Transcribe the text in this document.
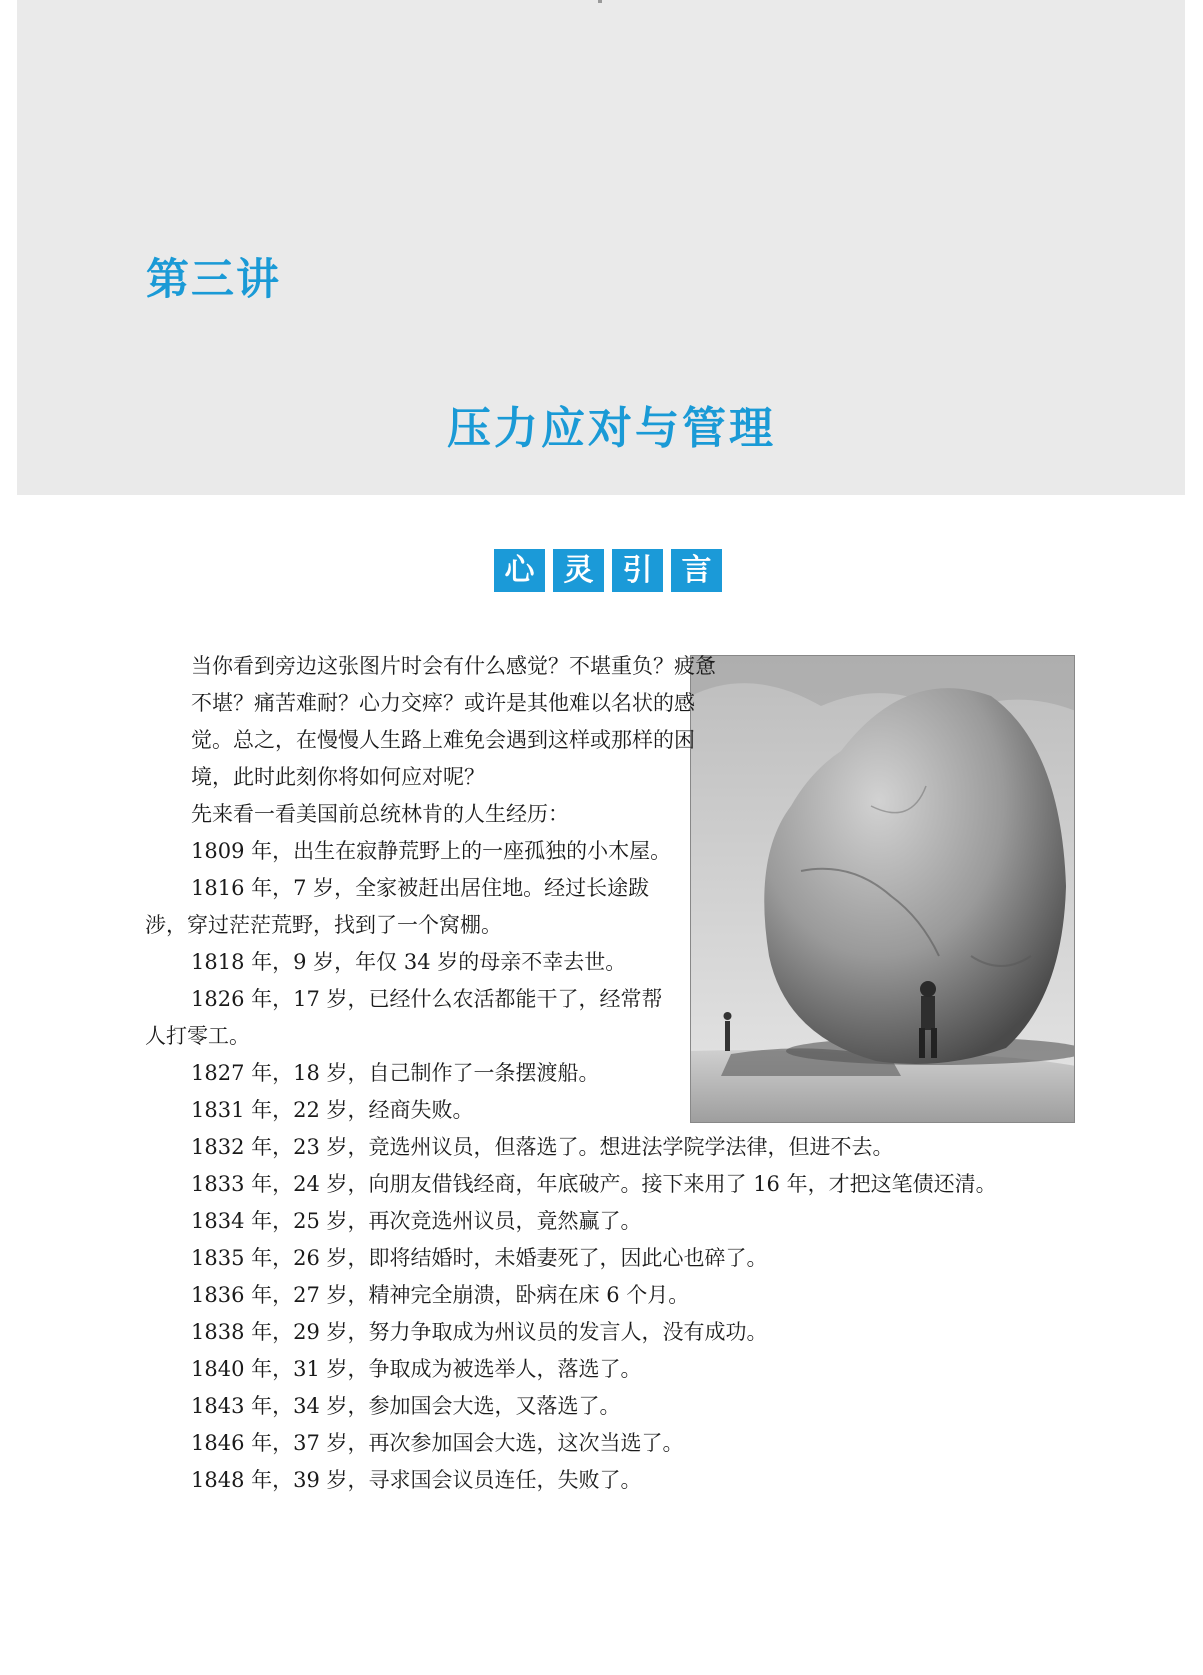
第三讲
压力应对与管理
心 灵 引 言

当你看到旁边这张图片时会有什么感觉？不堪重负？疲惫不堪？痛苦难耐？心力交瘁？或许是其他难以名状的感觉。总之，在慢慢人生路上难免会遇到这样或那样的困境，此时此刻你将如何应对呢？

先来看一看美国前总统林肯的人生经历：

1809 年，出生在寂静荒野上的一座孤独的小木屋。

1816 年，7 岁，全家被赶出居住地。经过长途跋涉，穿过茫茫荒野，找到了一个窝棚。

1818 年，9 岁，年仅 34 岁的母亲不幸去世。

1826 年，17 岁，已经什么农活都能干了，经常帮人打零工。

1827 年，18 岁，自己制作了一条摆渡船。

1831 年，22 岁，经商失败。

1832 年，23 岁，竞选州议员，但落选了。想进法学院学法律，但进不去。

1833 年，24 岁，向朋友借钱经商，年底破产。接下来用了 16 年，才把这笔债还清。

1834 年，25 岁，再次竞选州议员，竟然赢了。

1835 年，26 岁，即将结婚时，未婚妻死了，因此心也碎了。

1836 年，27 岁，精神完全崩溃，卧病在床 6 个月。

1838 年，29 岁，努力争取成为州议员的发言人，没有成功。

1840 年，31 岁，争取成为被选举人，落选了。

1843 年，34 岁，参加国会大选，又落选了。

1846 年，37 岁，再次参加国会大选，这次当选了。

1848 年，39 岁，寻求国会议员连任，失败了。
